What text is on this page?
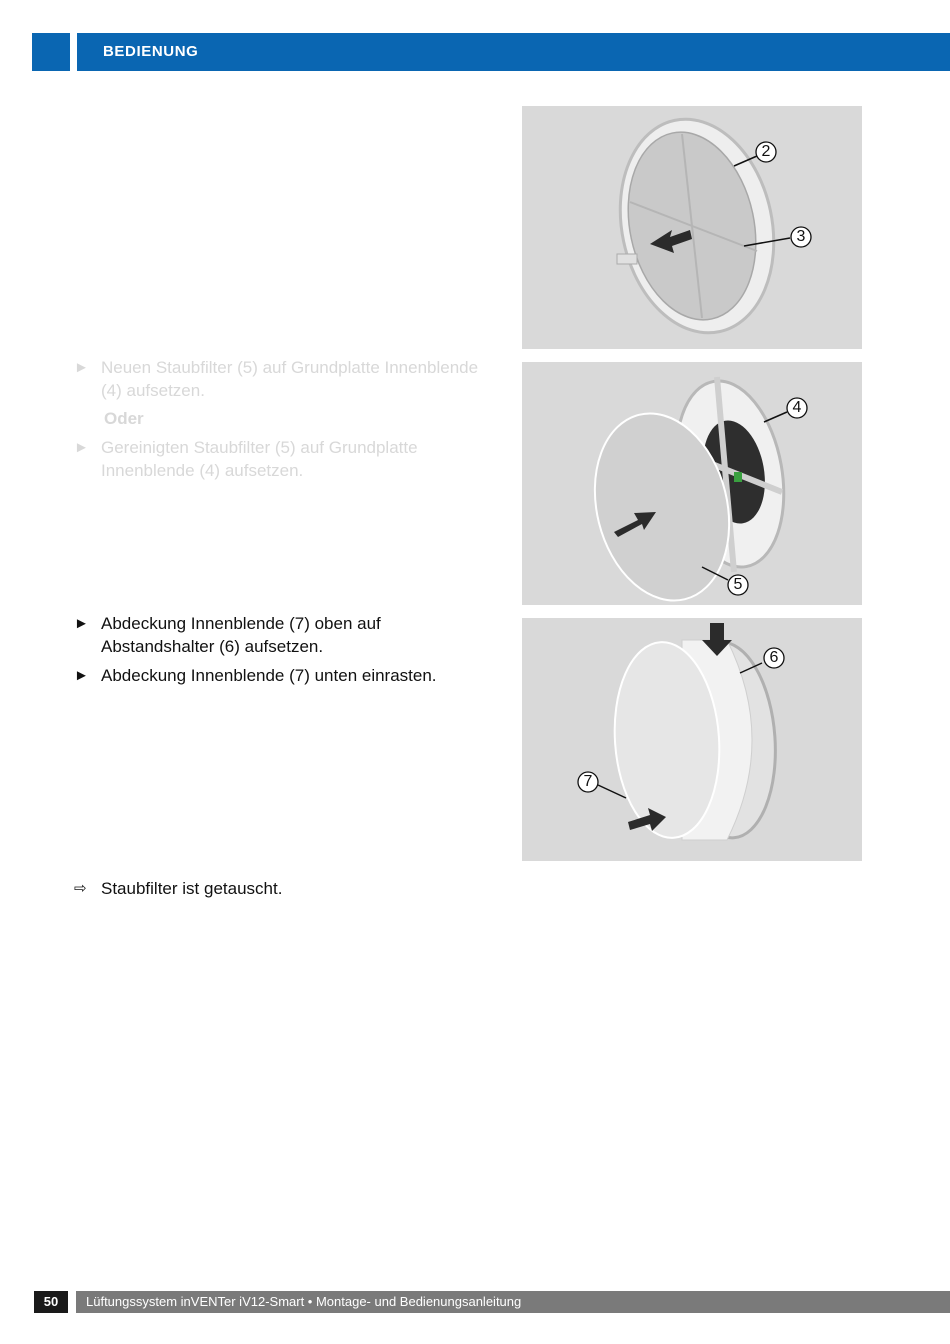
BEDIENUNG
► Neuen Staubfilter (5) auf Grundplatte Innenblende (4) aufsetzen.
Oder
► Gereinigten Staubfilter (5) auf Grundplatte Innenblende (4) aufsetzen.
► Abdeckung Innenblende (7) oben auf Abstandshalter (6) aufsetzen.
► Abdeckung Innenblende (7) unten einrasten.
⇨ Staubfilter ist getauscht.
2
3
4
5
6
7
50	Lüftungssystem inVENTer iV12-Smart • Montage- und Bedienungsanleitung
